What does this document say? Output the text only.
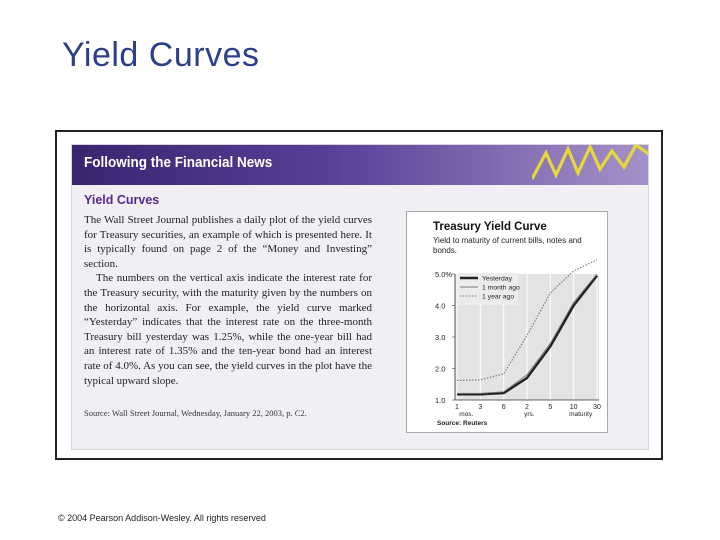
Yield Curves
Following the Financial News
Yield Curves

The Wall Street Journal publishes a daily plot of the yield curves for Treasury securities, an example of which is presented here. It is typically found on page 2 of the “Money and Investing” section.

The numbers on the vertical axis indicate the interest rate for the Treasury security, with the maturity given by the numbers on the horizontal axis. For example, the yield curve marked “Yesterday” indicates that the interest rate on the three-month Treasury bill yesterday was 1.25%, while the one-year bill had an interest rate of 1.35% and the ten-year bond had an interest rate of 4.0%. As you can see, the yield curves in the plot have the typical upward slope.

Source: Wall Street Journal, Wednesday, January 22, 2003, p. C2.
Treasury Yield Curve
Yield to maturity of current bills, notes and bonds.
5.0%
4.0
3.0
2.0
1.0
1	3	6	2	5 10 30
mos.	yrs.	maturity
Yesterday
1 month ago
1 year ago
Source: Reuters
© 2004 Pearson Addison-Wesley. All rights reserved
